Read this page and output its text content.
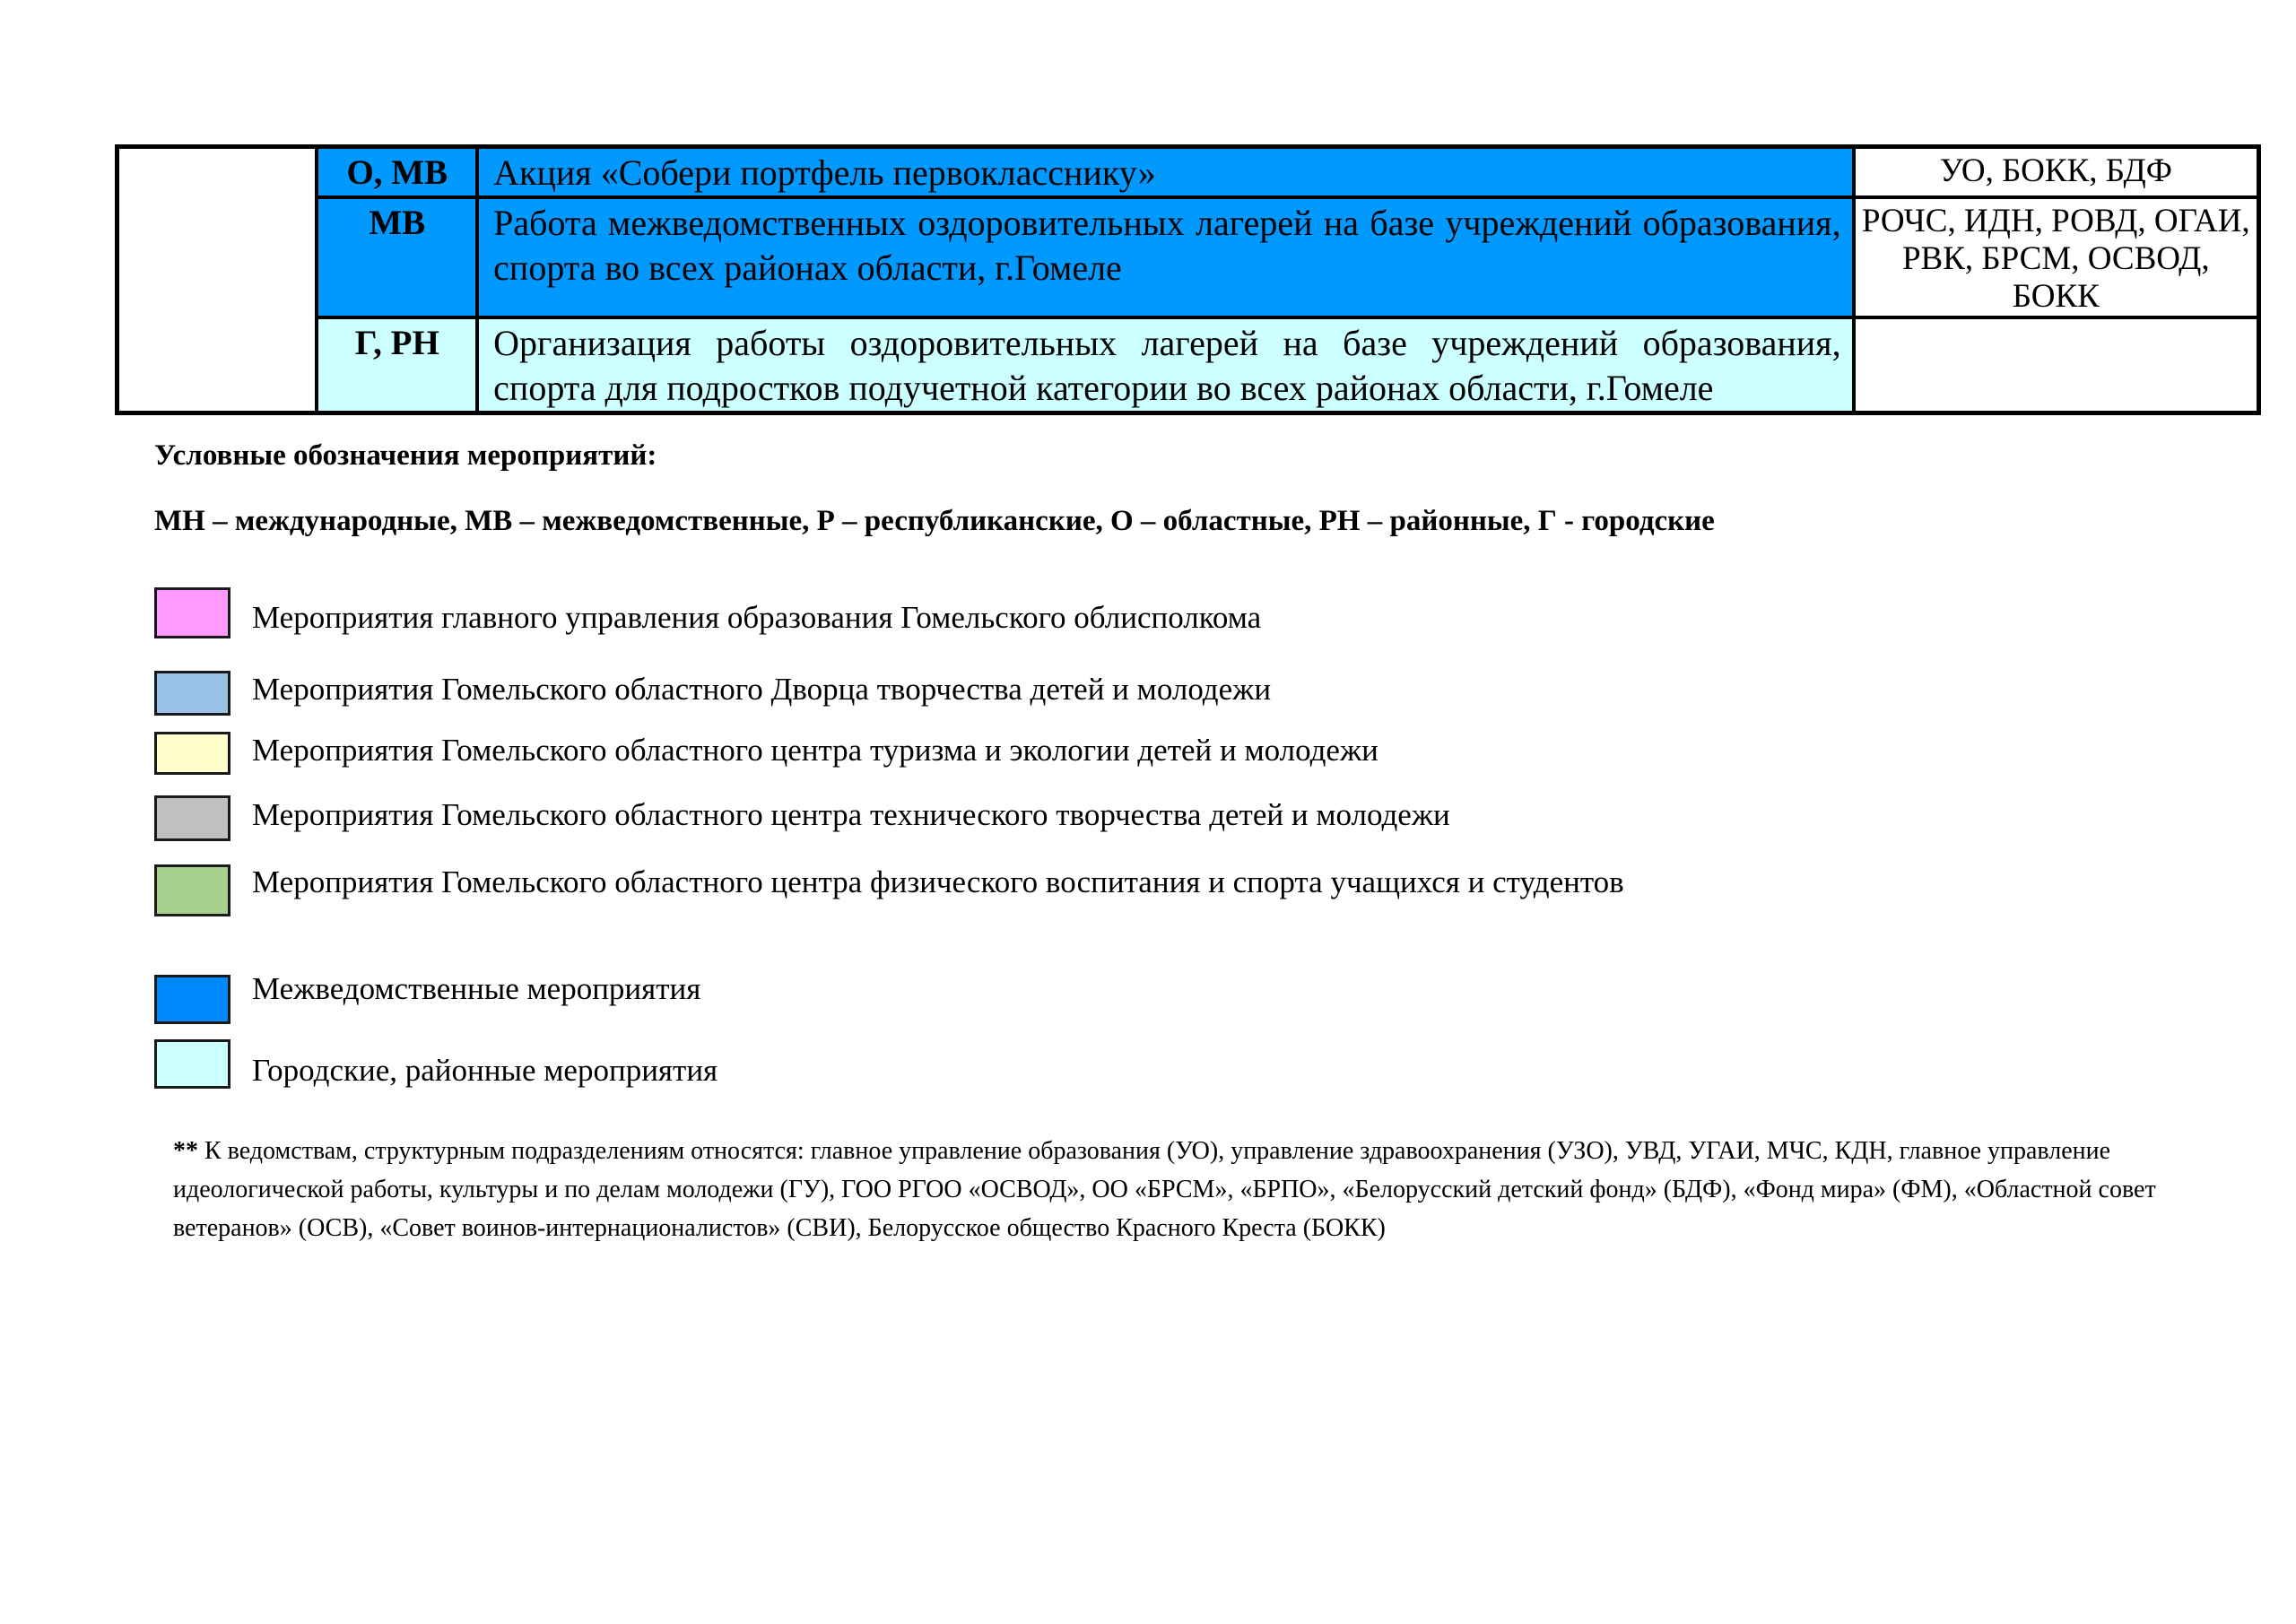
	О, МВ	Акция «Собери портфель первокласснику»	УО, БОКК, БДФ
	МВ	Работа межведомственных оздоровительных лагерей на базе учреждений образования, спорта во всех районах области, г.Гомеле	РОЧС, ИДН, РОВД, ОГАИ, РВК, БРСМ, ОСВОД, БОКК
	Г, РН	Организация работы оздоровительных лагерей на базе учреждений образования, спорта для подростков подучетной категории во всех районах области, г.Гомеле	

Условные обозначения мероприятий:

МН – международные, МВ – межведомственные, Р – республиканские, О – областные, РН – районные, Г - городские

Мероприятия главного управления образования Гомельского облисполкома
Мероприятия Гомельского областного Дворца творчества детей и молодежи
Мероприятия Гомельского областного центра туризма и экологии детей и молодежи
Мероприятия Гомельского областного центра технического творчества детей и молодежи
Мероприятия Гомельского областного центра физического воспитания и спорта учащихся и студентов
Межведомственные мероприятия
Городские, районные мероприятия

** К ведомствам, структурным подразделениям относятся: главное управление образования (УО), управление здравоохранения (УЗО), УВД, УГАИ, МЧС, КДН, главное управление идеологической работы, культуры и по делам молодежи (ГУ), ГОО РГОО «ОСВОД», ОО «БРСМ», «БРПО», «Белорусский детский фонд» (БДФ), «Фонд мира» (ФМ), «Областной совет ветеранов» (ОСВ), «Совет воинов-интернационалистов» (СВИ), Белорусское общество Красного Креста (БОКК)
